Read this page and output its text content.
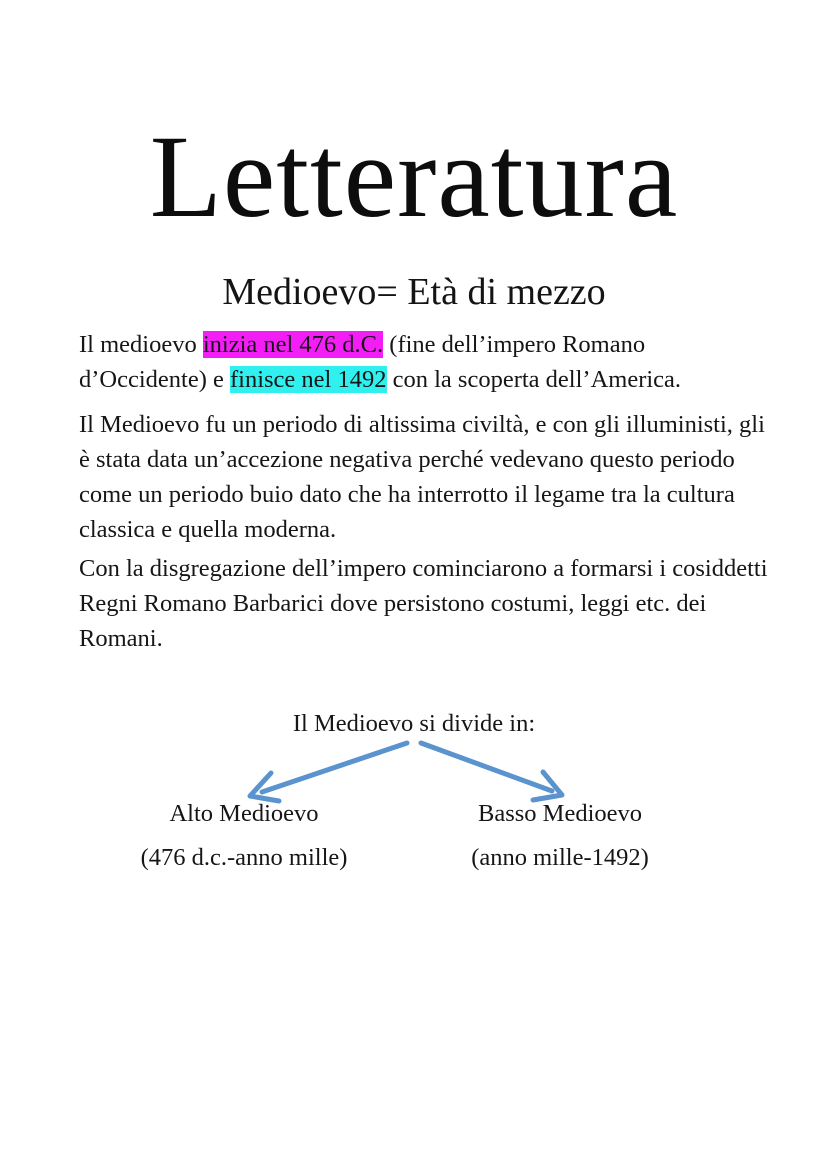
Letteratura
Medioevo= Età di mezzo

Il medioevo inizia nel 476 d.C. (fine dell’impero Romano d’Occidente) e finisce nel 1492 con la scoperta dell’America.

Il Medioevo fu un periodo di altissima civiltà, e con gli illuministi, gli è stata data un’accezione negativa perché vedevano questo periodo come un periodo buio dato che ha interrotto il legame tra la cultura classica e quella moderna.

Con la disgregazione dell’impero cominciarono a formarsi i cosiddetti Regni Romano Barbarici dove persistono costumi, leggi etc. dei Romani.

Il Medioevo si divide in:
Alto Medioevo
(476 d.c.-anno mille)
Basso Medioevo
(anno mille-1492)
